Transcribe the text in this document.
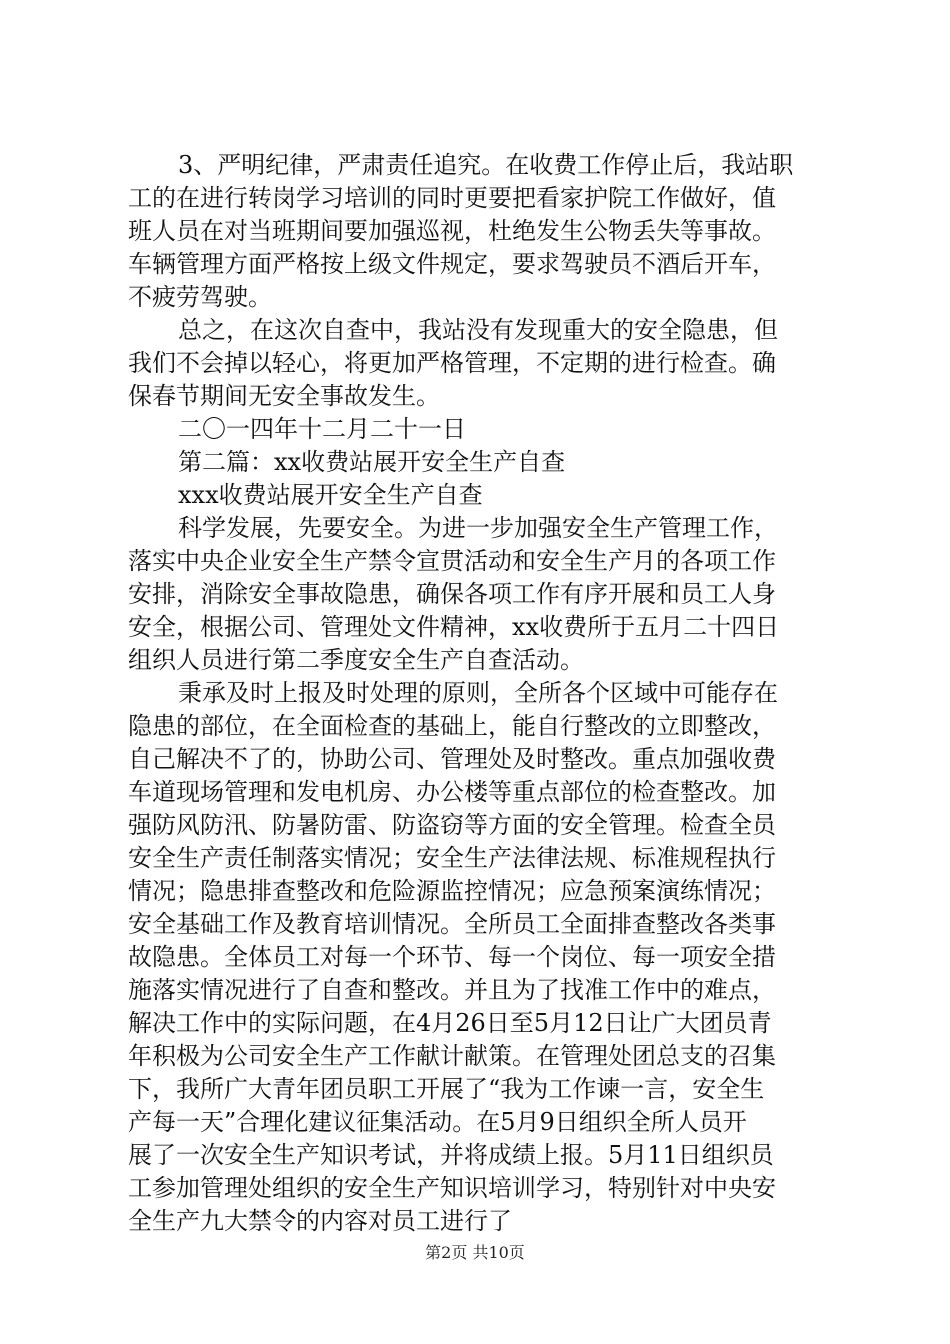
3、严明纪律，严肃责任追究。在收费工作停止后，我站职
工的在进行转岗学习培训的同时更要把看家护院工作做好，值
班人员在对当班期间要加强巡视，杜绝发生公物丢失等事故。
车辆管理方面严格按上级文件规定，要求驾驶员不酒后开车，
不疲劳驾驶。
总之，在这次自查中，我站没有发现重大的安全隐患，但
我们不会掉以轻心，将更加严格管理，不定期的进行检查。确
保春节期间无安全事故发生。
二〇一四年十二月二十一日
第二篇：xx收费站展开安全生产自查
xxx收费站展开安全生产自查
科学发展，先要安全。为进一步加强安全生产管理工作，
落实中央企业安全生产禁令宣贯活动和安全生产月的各项工作
安排，消除安全事故隐患，确保各项工作有序开展和员工人身
安全，根据公司、管理处文件精神，xx收费所于五月二十四日
组织人员进行第二季度安全生产自查活动。
秉承及时上报及时处理的原则，全所各个区域中可能存在
隐患的部位，在全面检查的基础上，能自行整改的立即整改，
自己解决不了的，协助公司、管理处及时整改。重点加强收费
车道现场管理和发电机房、办公楼等重点部位的检查整改。加
强防风防汛、防暑防雷、防盗窃等方面的安全管理。检查全员
安全生产责任制落实情况；安全生产法律法规、标准规程执行
情况；隐患排查整改和危险源监控情况；应急预案演练情况；
安全基础工作及教育培训情况。全所员工全面排查整改各类事
故隐患。全体员工对每一个环节、每一个岗位、每一项安全措
施落实情况进行了自查和整改。并且为了找准工作中的难点，
解决工作中的实际问题，在4月26日至5月12日让广大团员青
年积极为公司安全生产工作献计献策。在管理处团总支的召集
下，我所广大青年团员职工开展了“我为工作谏一言，安全生
产每一天”合理化建议征集活动。在5月9日组织全所人员开
展了一次安全生产知识考试，并将成绩上报。5月11日组织员
工参加管理处组织的安全生产知识培训学习，特别针对中央安
全生产九大禁令的内容对员工进行了
第2页 共10页
